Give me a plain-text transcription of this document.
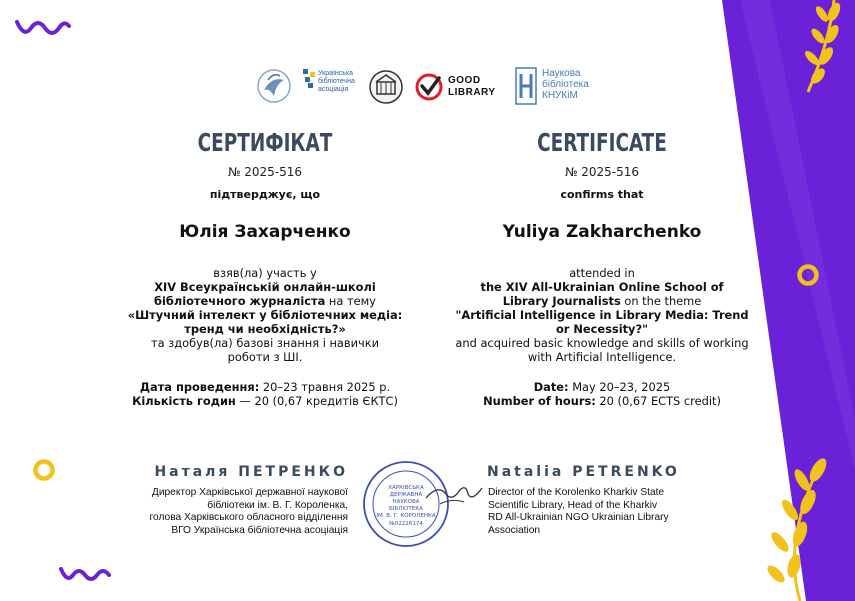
Українська бібліотечна асоціація
GOOD LIBRARY
Наукова
бібліотека
КНУКіМ
СЕРТИФІКАТ
№ 2025-516
підтверджує, що
Юлія Захарченко
взяв(ла) участь у
XIV Всеукраїнській онлайн-школі
бібліотечного журналіста на тему
«Штучний інтелект у бібліотечних медіа:
тренд чи необхідність?»
та здобув(ла) базові знання і навички
роботи з ШІ.
Дата проведення: 20–23 травня 2025 р.
Кількість годин — 20 (0,67 кредитів ЄКТС)
CERTIFICATE
№ 2025-516
confirms that
Yuliya Zakharchenko
attended in
the XIV All-Ukrainian Online School of
Library Journalists on the theme
"Artificial Intelligence in Library Media: Trend
or Necessity?"
and acquired basic knowledge and skills of working
with Artificial Intelligence.
Date: May 20–23, 2025
Number of hours: 20 (0,67 ECTS credit)
Наталя ПЕТРЕНКО	Natalia PETRENKO
Директор Харківської державної наукової
бібліотеки ім. В. Г. Короленка,
голова Харківського обласного відділення
ВГО Українська бібліотечна асоціація
Director of the Korolenko Kharkiv State
Scientific Library, Head of the Kharkiv
RD All-Ukrainian NGO Ukrainian Library
Association
ХАРКІВСЬКА
ДЕРЖАВНА
НАУКОВА
БІБЛІОТЕКА
ІМ. В. Г. КОРОЛЕНКА
№02226174
